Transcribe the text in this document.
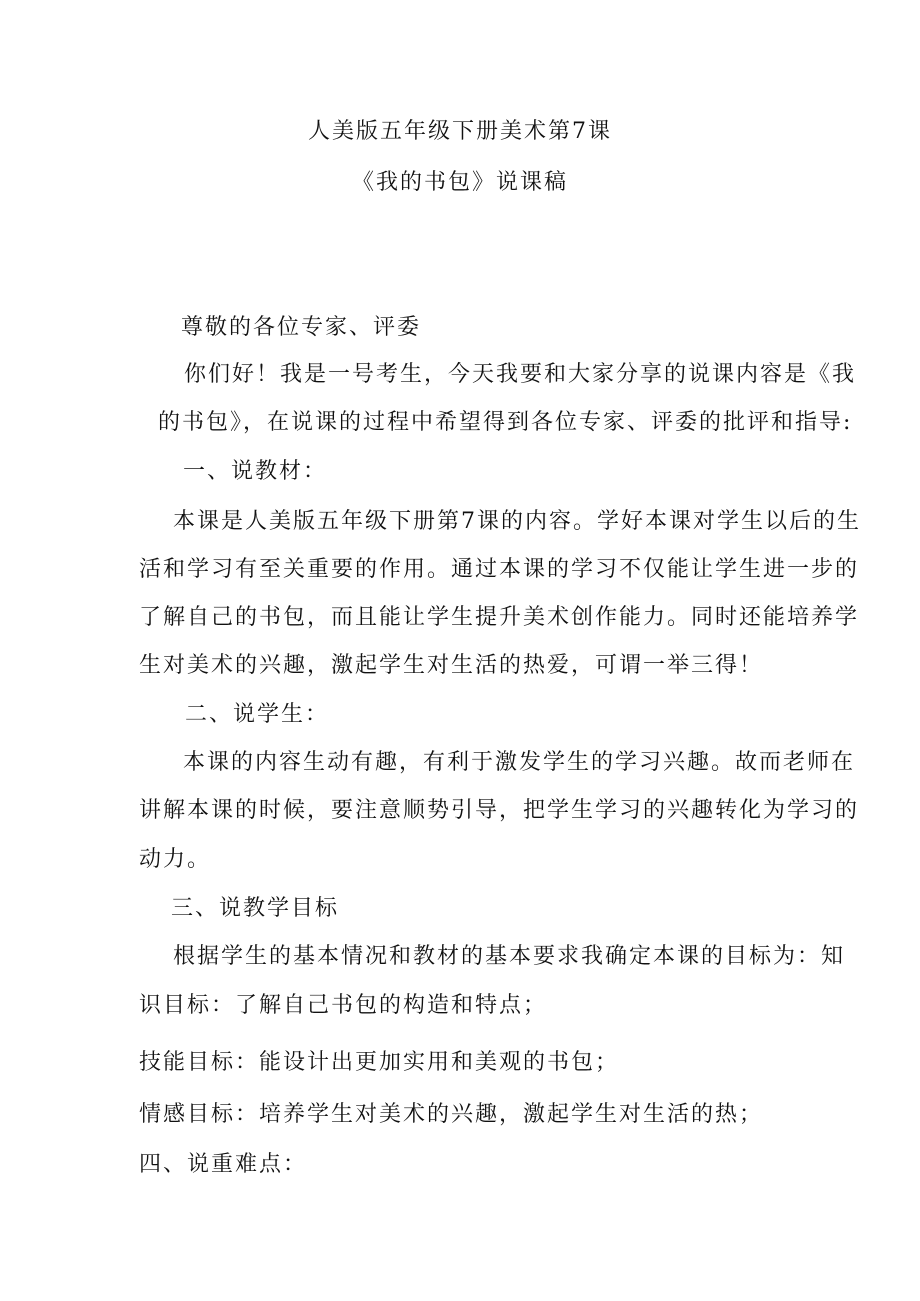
人美版五年级下册美术第7课
《我的书包》说课稿
尊敬的各位专家、评委
你们好！我是一号考生，今天我要和大家分享的说课内容是《我
的书包》，在说课的过程中希望得到各位专家、评委的批评和指导:
一、说教材：
本课是人美版五年级下册第7课的内容。学好本课对学生以后的生
活和学习有至关重要的作用。通过本课的学习不仅能让学生进一步的
了解自己的书包，而且能让学生提升美术创作能力。同时还能培养学
生对美术的兴趣，激起学生对生活的热爱，可谓一举三得！
二、说学生：
本课的内容生动有趣，有利于激发学生的学习兴趣。故而老师在
讲解本课的时候，要注意顺势引导，把学生学习的兴趣转化为学习的
动力。
三、说教学目标
根据学生的基本情况和教材的基本要求我确定本课的目标为：知
识目标：了解自己书包的构造和特点；
技能目标：能设计出更加实用和美观的书包；
情感目标：培养学生对美术的兴趣，激起学生对生活的热；
四、说重难点：
